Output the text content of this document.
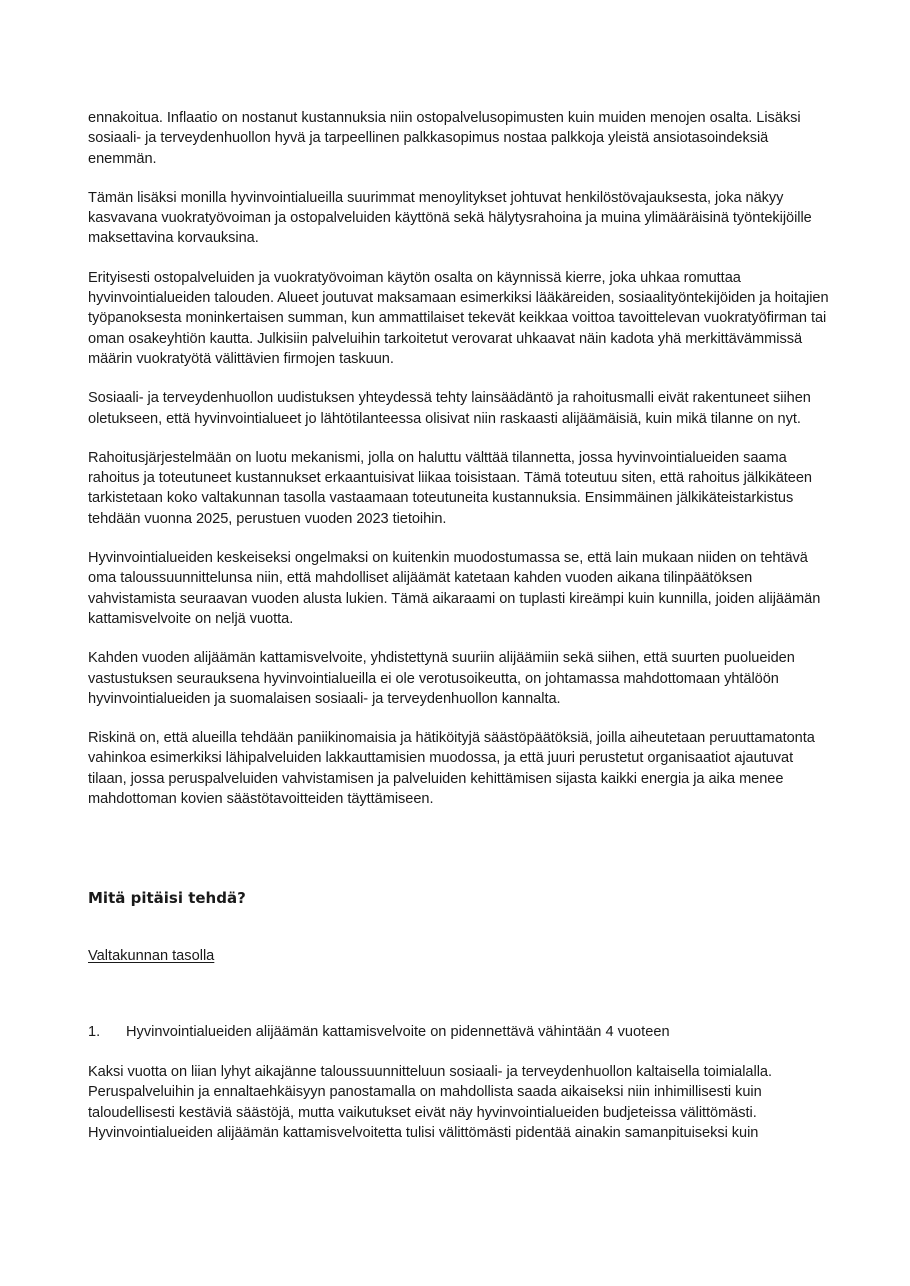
ennakoitua. Inflaatio on nostanut kustannuksia niin ostopalvelusopimusten kuin muiden menojen osalta. Lisäksi sosiaali- ja terveydenhuollon hyvä ja tarpeellinen palkkasopimus nostaa palkkoja yleistä ansiotasoindeksiä enemmän.

Tämän lisäksi monilla hyvinvointialueilla suurimmat menoylitykset johtuvat henkilöstövajauksesta, joka näkyy kasvavana vuokratyövoiman ja ostopalveluiden käyttönä sekä hälytysrahoina ja muina ylimääräisinä työntekijöille maksettavina korvauksina.

Erityisesti ostopalveluiden ja vuokratyövoiman käytön osalta on käynnissä kierre, joka uhkaa romuttaa hyvinvointialueiden talouden. Alueet joutuvat maksamaan esimerkiksi lääkäreiden, sosiaalityöntekijöiden ja hoitajien työpanoksesta moninkertaisen summan, kun ammattilaiset tekevät keikkaa voittoa tavoittelevan vuokratyöfirman tai oman osakeyhtiön kautta. Julkisiin palveluihin tarkoitetut verovarat uhkaavat näin kadota yhä merkittävämmissä määrin vuokratyötä välittävien firmojen taskuun.

Sosiaali- ja terveydenhuollon uudistuksen yhteydessä tehty lainsäädäntö ja rahoitusmalli eivät rakentuneet siihen oletukseen, että hyvinvointialueet jo lähtötilanteessa olisivat niin raskaasti alijäämäisiä, kuin mikä tilanne on nyt.

Rahoitusjärjestelmään on luotu mekanismi, jolla on haluttu välttää tilannetta, jossa hyvinvointialueiden saama rahoitus ja toteutuneet kustannukset erkaantuisivat liikaa toisistaan. Tämä toteutuu siten, että rahoitus jälkikäteen tarkistetaan koko valtakunnan tasolla vastaamaan toteutuneita kustannuksia. Ensimmäinen jälkikäteistarkistus tehdään vuonna 2025, perustuen vuoden 2023 tietoihin.

Hyvinvointialueiden keskeiseksi ongelmaksi on kuitenkin muodostumassa se, että lain mukaan niiden on tehtävä oma taloussuunnittelunsa niin, että mahdolliset alijäämät katetaan kahden vuoden aikana tilinpäätöksen vahvistamista seuraavan vuoden alusta lukien. Tämä aikaraami on tuplasti kireämpi kuin kunnilla, joiden alijäämän kattamisvelvoite on neljä vuotta.

Kahden vuoden alijäämän kattamisvelvoite, yhdistettynä suuriin alijäämiin sekä siihen, että suurten puolueiden vastustuksen seurauksena hyvinvointialueilla ei ole verotusoikeutta, on johtamassa mahdottomaan yhtälöön hyvinvointialueiden ja suomalaisen sosiaali- ja terveydenhuollon kannalta.

Riskinä on, että alueilla tehdään paniikinomaisia ja hätiköityjä säästöpäätöksiä, joilla aiheutetaan peruuttamatonta vahinkoa esimerkiksi lähipalveluiden lakkauttamisien muodossa, ja että juuri perustetut organisaatiot ajautuvat tilaan, jossa peruspalveluiden vahvistamisen ja palveluiden kehittämisen sijasta kaikki energia ja aika menee mahdottoman kovien säästötavoitteiden täyttämiseen.

Mitä pitäisi tehdä?

Valtakunnan tasolla

1.	Hyvinvointialueiden alijäämän kattamisvelvoite on pidennettävä vähintään 4 vuoteen

Kaksi vuotta on liian lyhyt aikajänne taloussuunnitteluun sosiaali- ja terveydenhuollon kaltaisella toimialalla. Peruspalveluihin ja ennaltaehkäisyyn panostamalla on mahdollista saada aikaiseksi niin inhimillisesti kuin taloudellisesti kestäviä säästöjä, mutta vaikutukset eivät näy hyvinvointialueiden budjeteissa välittömästi. Hyvinvointialueiden alijäämän kattamisvelvoitetta tulisi välittömästi pidentää ainakin samanpituiseksi kuin
